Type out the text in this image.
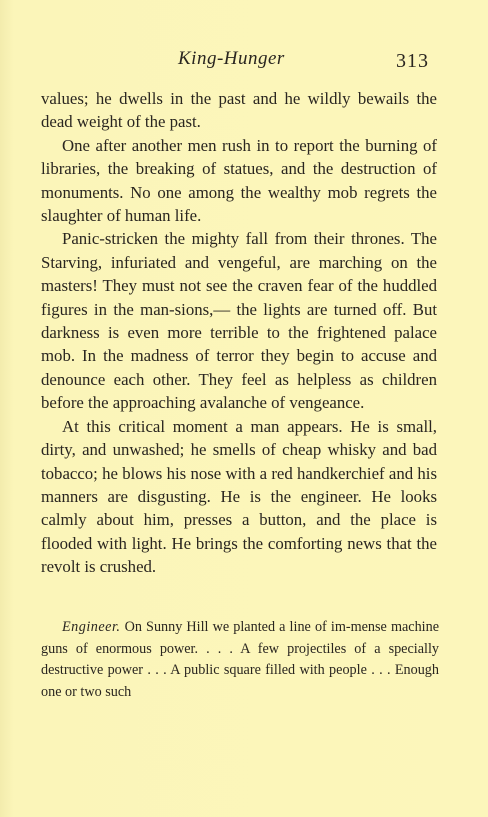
King-Hunger	313

values; he dwells in the past and he wildly bewails the dead weight of the past.

One after another men rush in to report the burning of libraries, the breaking of statues, and the destruction of monuments. No one among the wealthy mob regrets the slaughter of human life.

Panic-stricken the mighty fall from their thrones. The Starving, infuriated and vengeful, are marching on the masters! They must not see the craven fear of the huddled figures in the man-sions,— the lights are turned off. But darkness is even more terrible to the frightened palace mob. In the madness of terror they begin to accuse and denounce each other. They feel as helpless as children before the approaching avalanche of vengeance.

At this critical moment a man appears. He is small, dirty, and unwashed; he smells of cheap whisky and bad tobacco; he blows his nose with a red handkerchief and his manners are disgusting. He is the engineer. He looks calmly about him, presses a button, and the place is flooded with light. He brings the comforting news that the revolt is crushed.

Engineer. On Sunny Hill we planted a line of im-mense machine guns of enormous power. . . . A few projectiles of a specially destructive power . . . A public square filled with people . . . Enough one or two such
